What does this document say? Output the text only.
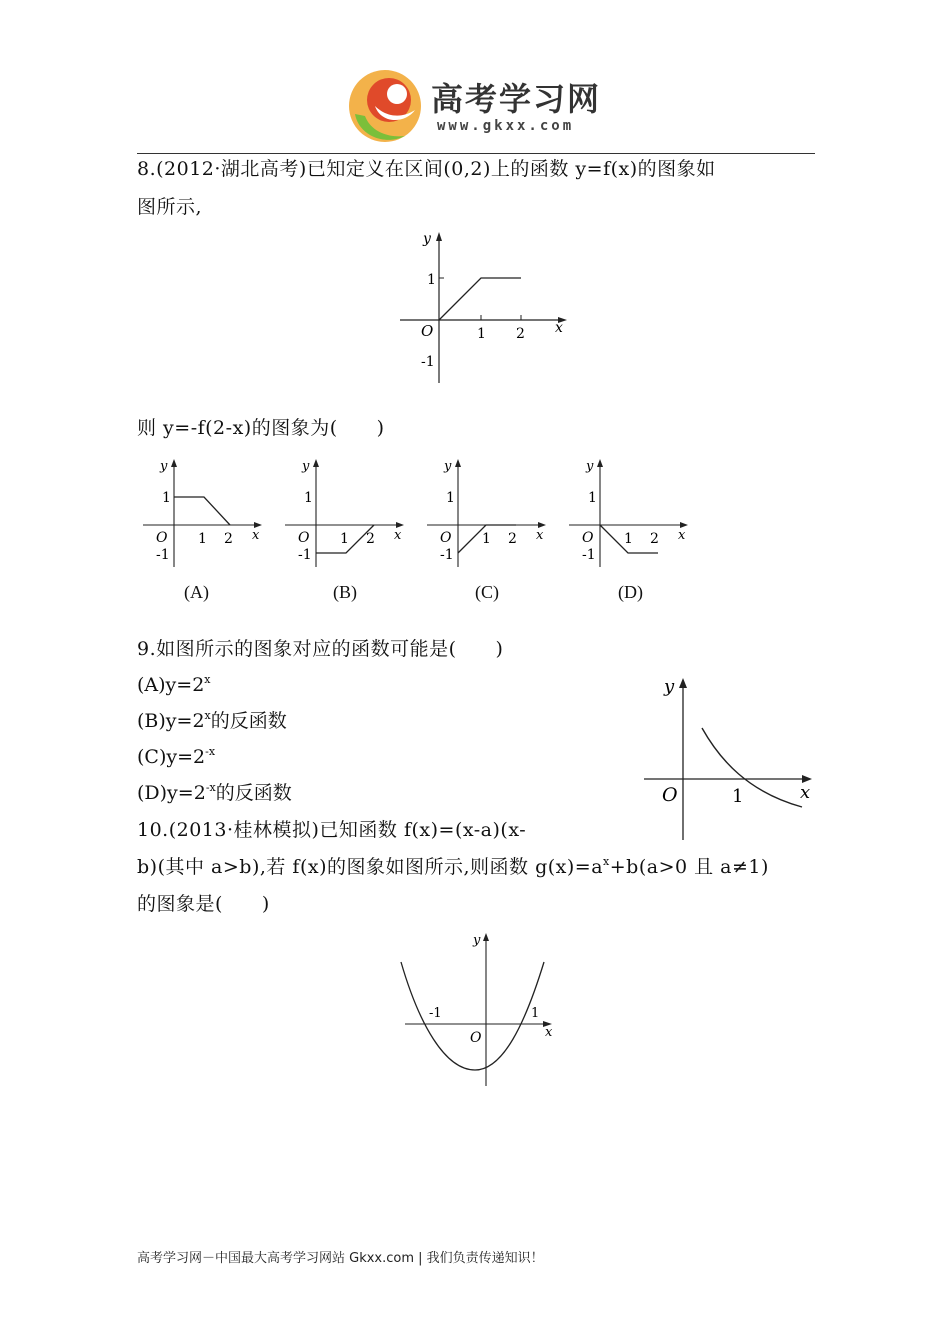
高考学习网
www.gkxx.com
8.(2012·湖北高考)已知定义在区间(0,2)上的函数 y=f(x)的图象如
图所示,
y
x
O	1 2
1
-1
则 y=-f(2-x)的图象为(　　)
y
x
O 1 2
1
-1
y
x
O 1 2
1
-1
y
x
O 1 2
1
-1
y
x
O 1 2
1
-1
(A)	(B)	(C)	(D)
9.如图所示的图象对应的函数可能是(　　)
$(A)y=2^x$
$(B)y=2^x$的反函数
$(C)y=2^{-x}$
$(D)y=2^{-x}$的反函数
y
x
O	1
10.(2013·桂林模拟)已知函数 f(x)=(x-a)(x-
b)(其中 a>b),若 f(x)的图象如图所示,则函数 $g(x)=a^x+b(a>0$ 且 a≠1)
的图象是(　　)
y
x
O
1
-1
高考学习网－中国最大高考学习网站 Gkxx.com | 我们负责传递知识！
